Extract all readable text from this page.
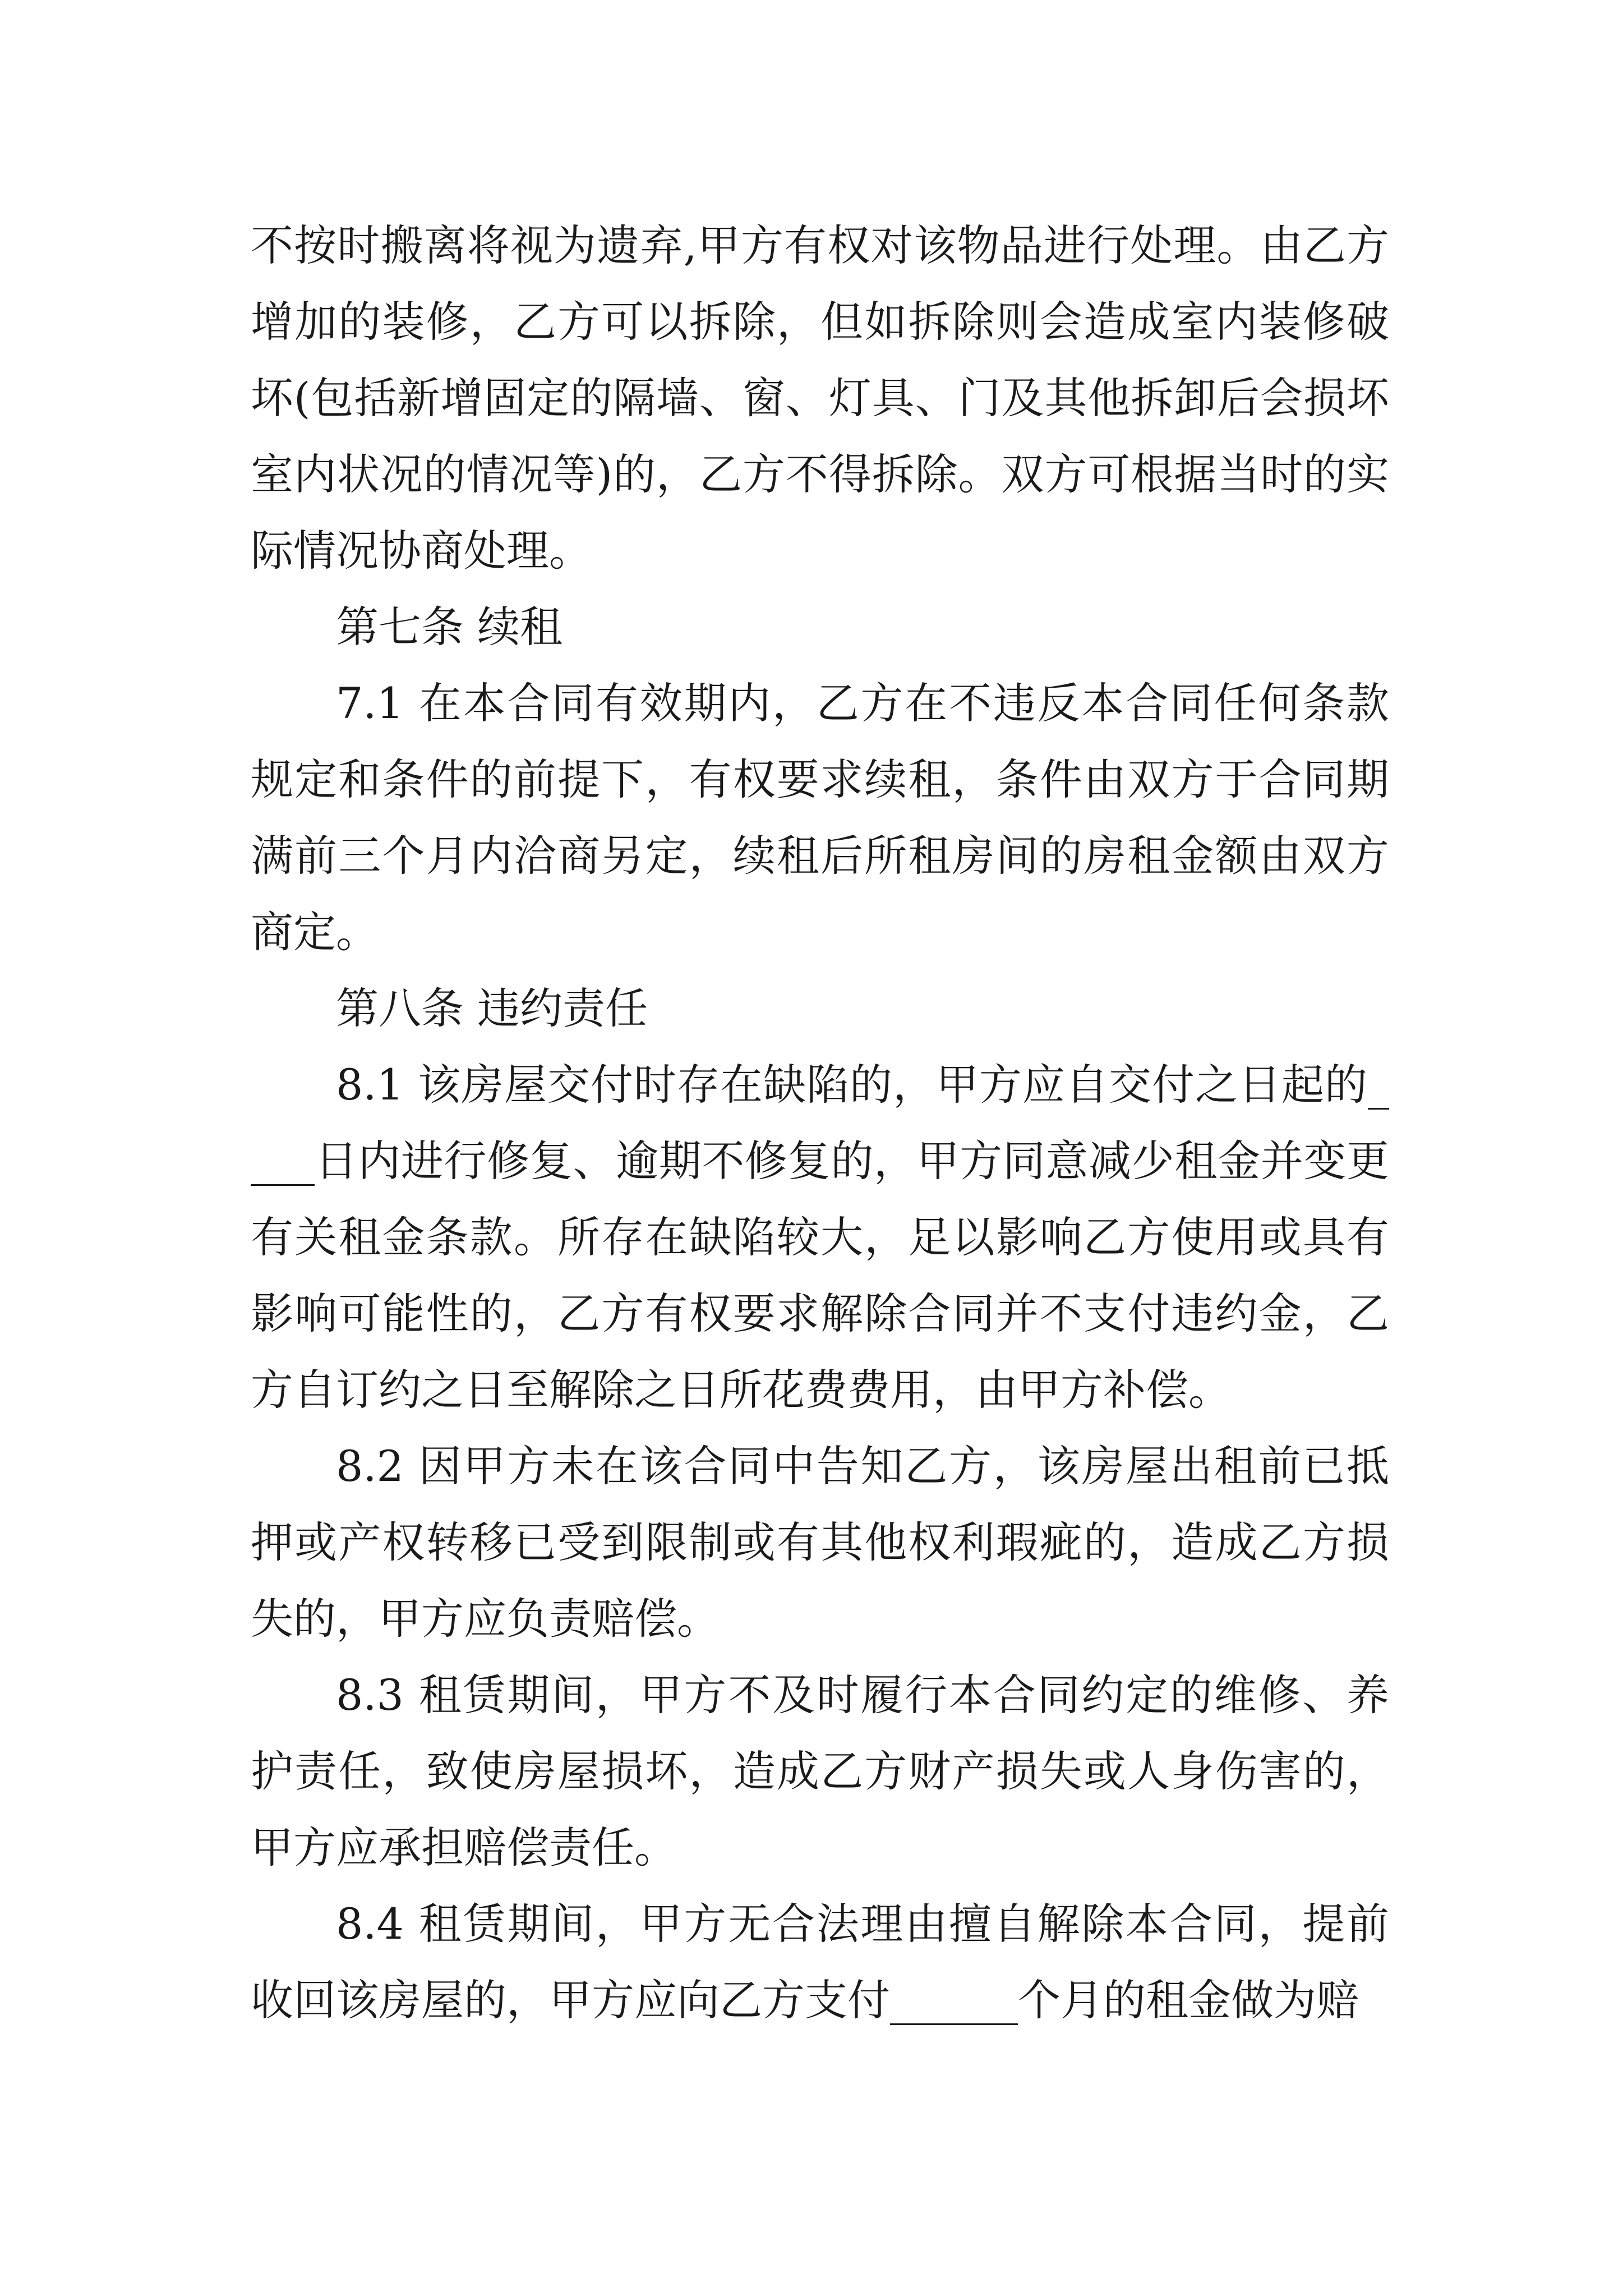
不按时搬离将视为遗弃,甲方有权对该物品进行处理。由乙方增加的装修，乙方可以拆除，但如拆除则会造成室内装修破坏(包括新增固定的隔墙、窗、灯具、门及其他拆卸后会损坏室内状况的情况等)的，乙方不得拆除。双方可根据当时的实际情况协商处理。

第七条 续租

7.1 在本合同有效期内，乙方在不违反本合同任何条款规定和条件的前提下，有权要求续租，条件由双方于合同期满前三个月内洽商另定，续租后所租房间的房租金额由双方商定。

第八条 违约责任

8.1 该房屋交付时存在缺陷的，甲方应自交付之日起的____日内进行修复、逾期不修复的，甲方同意减少租金并变更有关租金条款。所存在缺陷较大，足以影响乙方使用或具有影响可能性的，乙方有权要求解除合同并不支付违约金，乙方自订约之日至解除之日所花费费用，由甲方补偿。

8.2 因甲方未在该合同中告知乙方，该房屋出租前已抵押或产权转移已受到限制或有其他权利瑕疵的，造成乙方损失的，甲方应负责赔偿。

8.3 租赁期间，甲方不及时履行本合同约定的维修、养护责任，致使房屋损坏，造成乙方财产损失或人身伤害的，甲方应承担赔偿责任。

8.4 租赁期间，甲方无合法理由擅自解除本合同，提前收回该房屋的，甲方应向乙方支付______个月的租金做为赔
